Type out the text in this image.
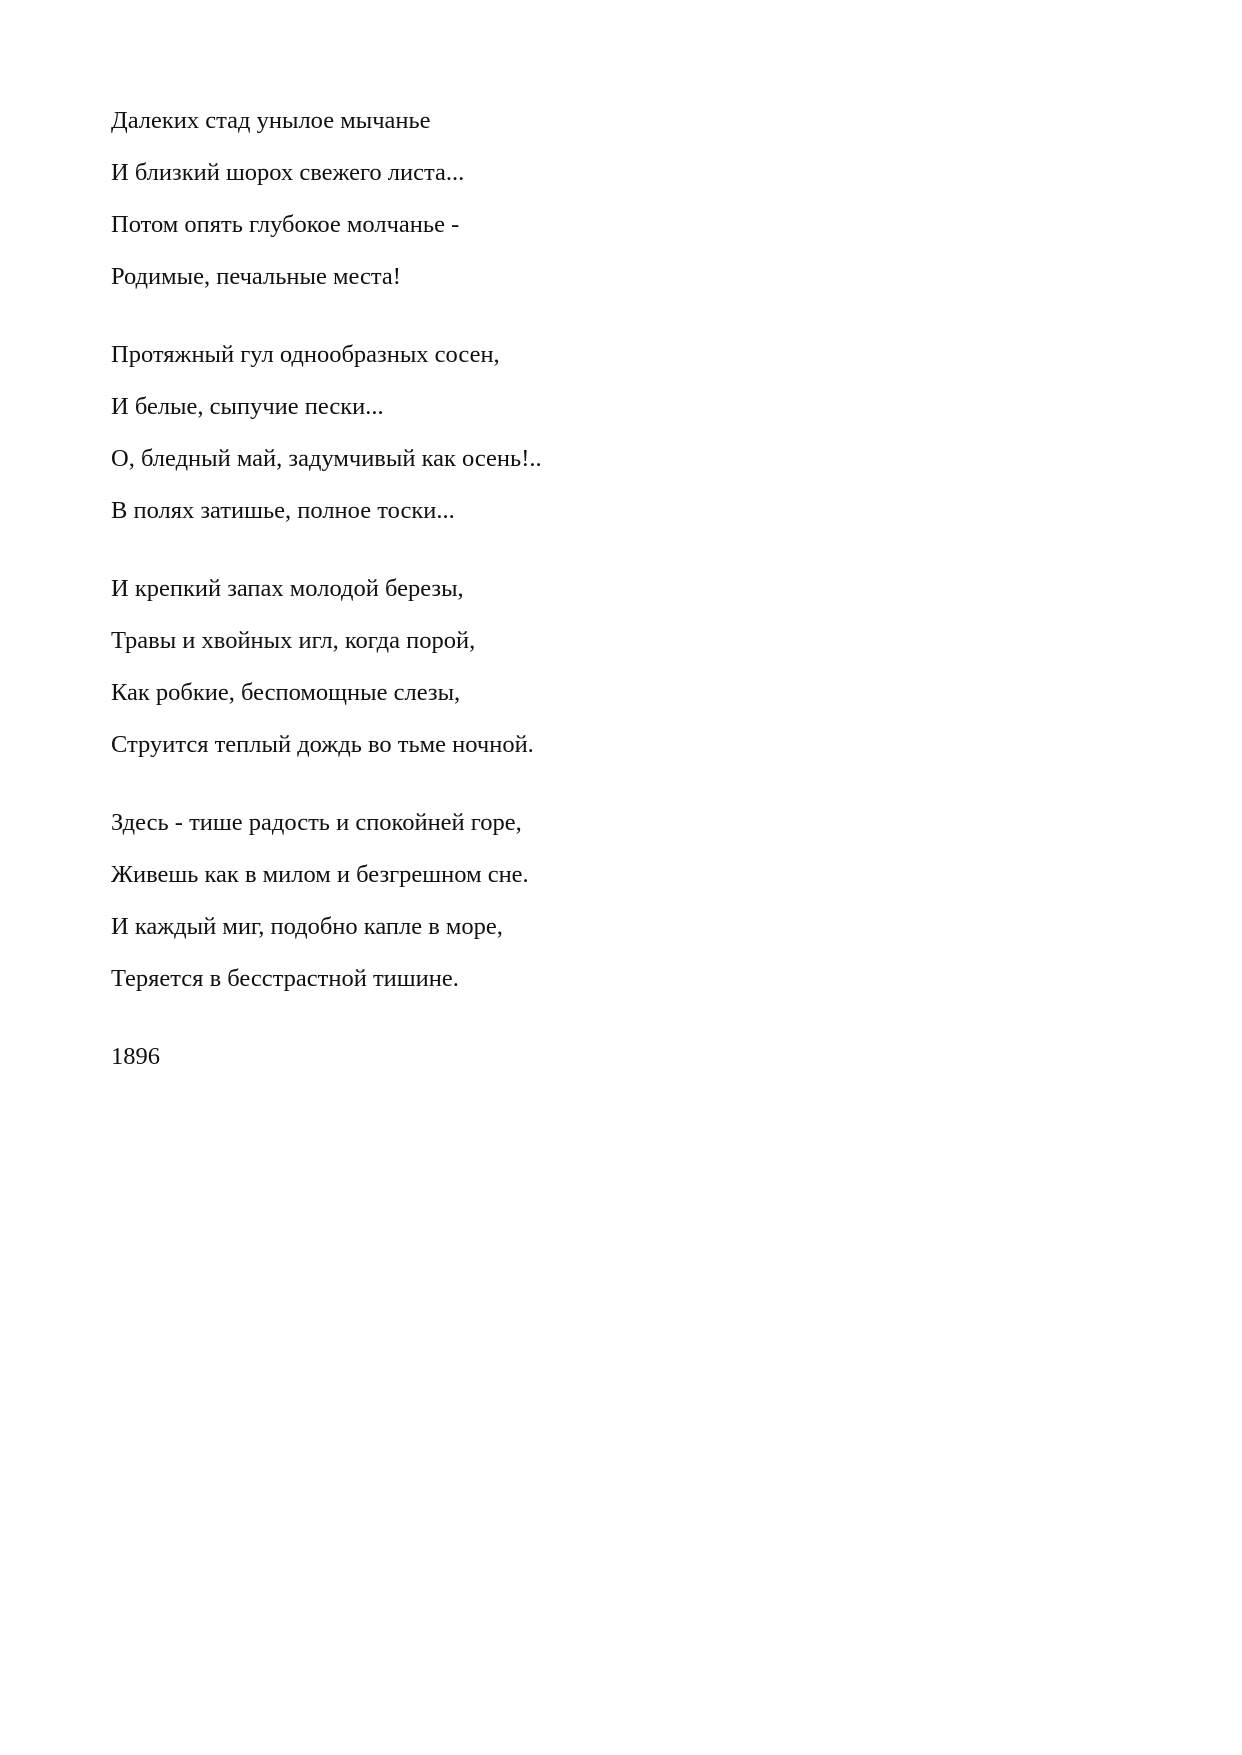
Далеких стад унылое мычанье
И близкий шорох свежего листа...
Потом опять глубокое молчанье -
Родимые, печальные места!
Протяжный гул однообразных сосен,
И белые, сыпучие пески...
О, бледный май, задумчивый как осень!..
В полях затишье, полное тоски...
И крепкий запах молодой березы,
Травы и хвойных игл, когда порой,
Как робкие, беспомощные слезы,
Струится теплый дождь во тьме ночной.
Здесь - тише радость и спокойней горе,
Живешь как в милом и безгрешном сне.
И каждый миг, подобно капле в море,
Теряется в бесстрастной тишине.
1896
